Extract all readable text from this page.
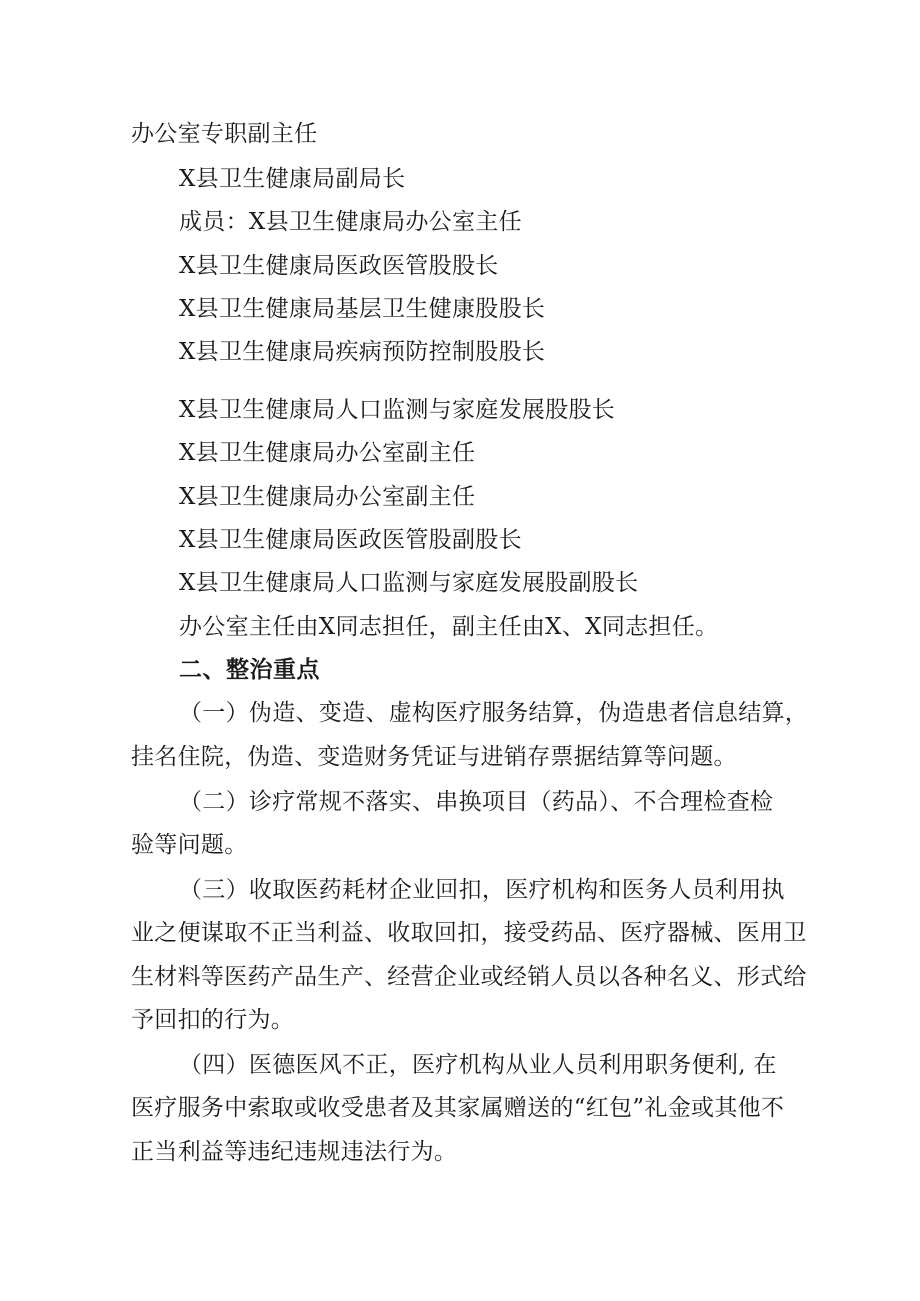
办公室专职副主任

X县卫生健康局副局长

成员：X县卫生健康局办公室主任

X县卫生健康局医政医管股股长

X县卫生健康局基层卫生健康股股长

X县卫生健康局疾病预防控制股股长

X县卫生健康局人口监测与家庭发展股股长

X县卫生健康局办公室副主任

X县卫生健康局办公室副主任

X县卫生健康局医政医管股副股长

X县卫生健康局人口监测与家庭发展股副股长

办公室主任由X同志担任，副主任由X、X同志担任。

二、整治重点

（一）伪造、变造、虚构医疗服务结算，伪造患者信息结算，

挂名住院，伪造、变造财务凭证与进销存票据结算等问题。

（二）诊疗常规不落实、串换项目（药品）、不合理检查检

验等问题。

（三）收取医药耗材企业回扣，医疗机构和医务人员利用执

业之便谋取不正当利益、收取回扣，接受药品、医疗器械、医用卫

生材料等医药产品生产、经营企业或经销人员以各种名义、形式给

予回扣的行为。

（四）医德医风不正，医疗机构从业人员利用职务便利, 在

医疗服务中索取或收受患者及其家属赠送的“红包”礼金或其他不

正当利益等违纪违规违法行为。
